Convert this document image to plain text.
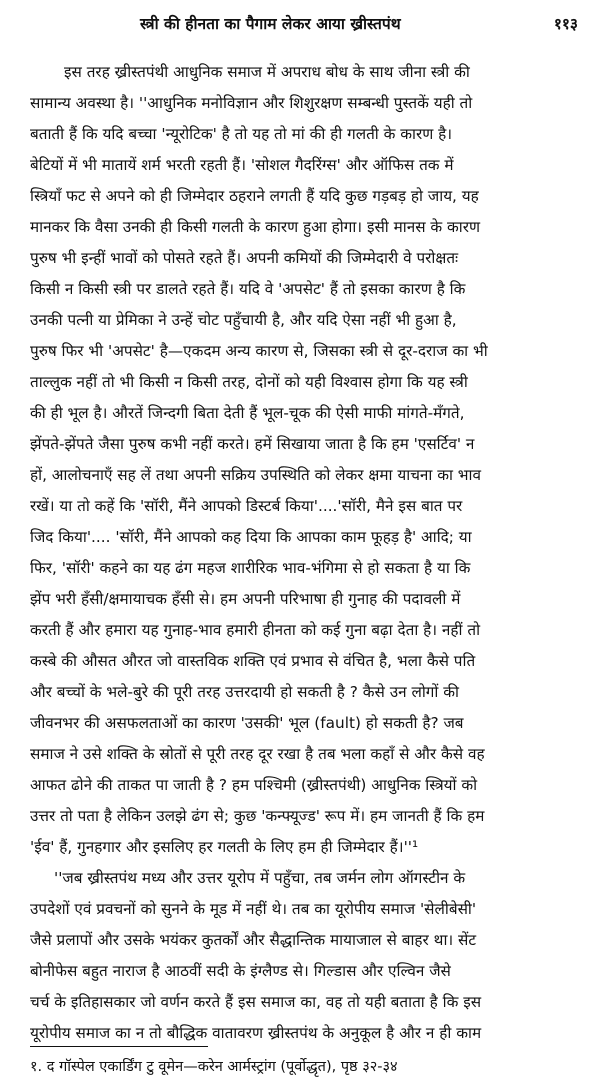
स्त्री की हीनता का पैगाम लेकर आया ख्रीस्तपंथ	११३
इस तरह ख्रीस्तपंथी आधुनिक समाज में अपराध बोध के साथ जीना स्त्री की
सामान्य अवस्था है। ''आधुनिक मनोविज्ञान और शिशुरक्षण सम्बन्धी पुस्तकें यही तो
बताती हैं कि यदि बच्चा 'न्यूरोटिक' है तो यह तो मां की ही गलती के कारण है।
बेटियों में भी मातायें शर्म भरती रहती हैं। 'सोशल गैदरिंग्स' और ऑफिस तक में
स्त्रियाँ फट से अपने को ही जिम्मेदार ठहराने लगती हैं यदि कुछ गड़बड़ हो जाय, यह
मानकर कि वैसा उनकी ही किसी गलती के कारण हुआ होगा। इसी मानस के कारण
पुरुष भी इन्हीं भावों को पोसते रहते हैं। अपनी कमियों की जिम्मेदारी वे परोक्षतः
किसी न किसी स्त्री पर डालते रहते हैं। यदि वे 'अपसेट' हैं तो इसका कारण है कि
उनकी पत्नी या प्रेमिका ने उन्हें चोट पहुँचायी है, और यदि ऐसा नहीं भी हुआ है,
पुरुष फिर भी 'अपसेट' है—एकदम अन्य कारण से, जिसका स्त्री से दूर-दराज का भी
ताल्लुक नहीं तो भी किसी न किसी तरह, दोनों को यही विश्वास होगा कि यह स्त्री
की ही भूल है। औरतें जिन्दगी बिता देती हैं भूल-चूक की ऐसी माफी मांगते-मँगते,
झेंपते-झेंपते जैसा पुरुष कभी नहीं करते। हमें सिखाया जाता है कि हम 'एसर्टिव' न
हों, आलोचनाएँ सह लें तथा अपनी सक्रिय उपस्थिति को लेकर क्षमा याचना का भाव
रखें। या तो कहें कि 'सॉरी, मैंने आपको डिस्टर्ब किया'....'सॉरी, मैने इस बात पर
जिद किया'.... 'सॉरी, मैंने आपको कह दिया कि आपका काम फूहड़ है' आदि; या
फिर, 'सॉरी' कहने का यह ढंग महज शारीरिक भाव-भंगिमा से हो सकता है या कि
झेंप भरी हँसी/क्षमायाचक हँसी से। हम अपनी परिभाषा ही गुनाह की पदावली में
करती हैं और हमारा यह गुनाह-भाव हमारी हीनता को कई गुना बढ़ा देता है। नहीं तो
कस्बे की औसत औरत जो वास्तविक शक्ति एवं प्रभाव से वंचित है, भला कैसे पति
और बच्चों के भले-बुरे की पूरी तरह उत्तरदायी हो सकती है ? कैसे उन लोगों की
जीवनभर की असफलताओं का कारण 'उसकी' भूल (fault) हो सकती है? जब
समाज ने उसे शक्ति के स्रोतों से पूरी तरह दूर रखा है तब भला कहाँ से और कैसे वह
आफत ढोने की ताकत पा जाती है ? हम पश्चिमी (ख्रीस्तपंथी) आधुनिक स्त्रियों को
उत्तर तो पता है लेकिन उलझे ढंग से; कुछ 'कन्फ्यूज्ड' रूप में। हम जानती हैं कि हम
'ईव' हैं, गुनहगार और इसलिए हर गलती के लिए हम ही जिम्मेदार हैं।''¹
''जब ख्रीस्तपंथ मध्य और उत्तर यूरोप में पहुँचा, तब जर्मन लोग ऑगस्टीन के
उपदेशों एवं प्रवचनों को सुनने के मूड में नहीं थे। तब का यूरोपीय समाज 'सेलीबेसी'
जैसे प्रलापों और उसके भयंकर कुतर्कों और सैद्धान्तिक मायाजाल से बाहर था। सेंट
बोनीफेस बहुत नाराज है आठवीं सदी के इंग्लैण्ड से। गिल्डास और एल्विन जैसे
चर्च के इतिहासकार जो वर्णन करते हैं इस समाज का, वह तो यही बताता है कि इस
यूरोपीय समाज का न तो बौद्धिक वातावरण ख्रीस्तपंथ के अनुकूल है और न ही काम
१. द गॉस्पेल एकार्डिंग टु वूमेन—करेन आर्मस्ट्रांग (पूर्वोद्धृत), पृष्ठ ३२-३४
